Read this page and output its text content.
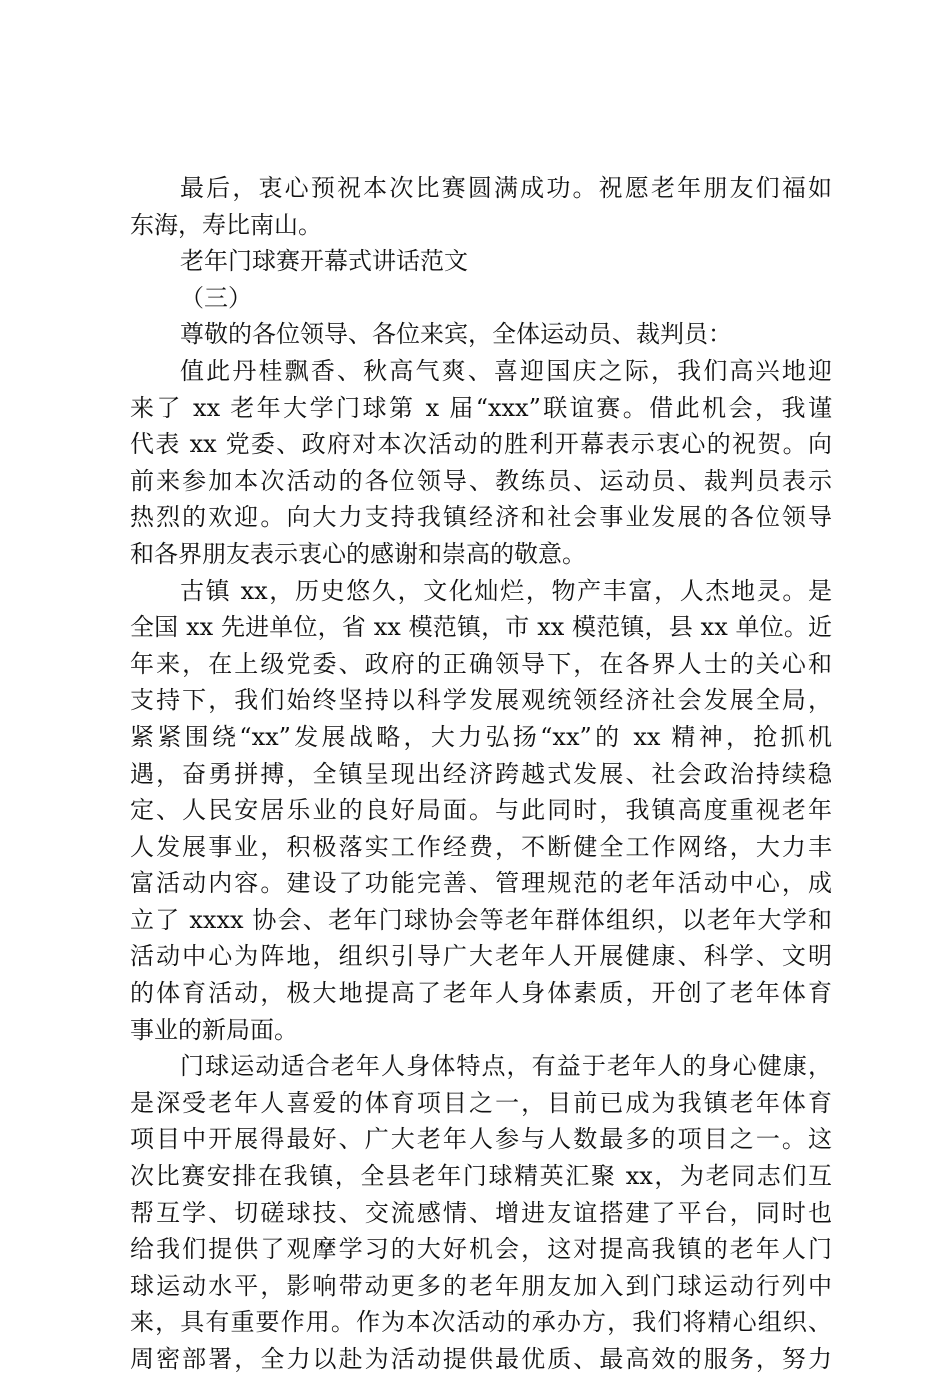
最后，衷心预祝本次比赛圆满成功。祝愿老年朋友们福如
东海，寿比南山。
老年门球赛开幕式讲话范文
（三）
尊敬的各位领导、各位来宾，全体运动员、裁判员：
值此丹桂飘香、秋高气爽、喜迎国庆之际，我们高兴地迎
来了 xx 老年大学门球第 x 届“xxx”联谊赛。借此机会，我谨
代表 xx 党委、政府对本次活动的胜利开幕表示衷心的祝贺。向
前来参加本次活动的各位领导、教练员、运动员、裁判员表示
热烈的欢迎。向大力支持我镇经济和社会事业发展的各位领导
和各界朋友表示衷心的感谢和崇高的敬意。
古镇 xx，历史悠久，文化灿烂，物产丰富，人杰地灵。是
全国 xx 先进单位，省 xx 模范镇，市 xx 模范镇，县 xx 单位。近
年来，在上级党委、政府的正确领导下，在各界人士的关心和
支持下，我们始终坚持以科学发展观统领经济社会发展全局，
紧紧围绕“xx”发展战略，大力弘扬“xx”的 xx 精神，抢抓机
遇，奋勇拼搏，全镇呈现出经济跨越式发展、社会政治持续稳
定、人民安居乐业的良好局面。与此同时，我镇高度重视老年
人发展事业，积极落实工作经费，不断健全工作网络，大力丰
富活动内容。建设了功能完善、管理规范的老年活动中心，成
立了 xxxx 协会、老年门球协会等老年群体组织，以老年大学和
活动中心为阵地，组织引导广大老年人开展健康、科学、文明
的体育活动，极大地提高了老年人身体素质，开创了老年体育
事业的新局面。
门球运动适合老年人身体特点，有益于老年人的身心健康，
是深受老年人喜爱的体育项目之一，目前已成为我镇老年体育
项目中开展得最好、广大老年人参与人数最多的项目之一。这
次比赛安排在我镇，全县老年门球精英汇聚 xx，为老同志们互
帮互学、切磋球技、交流感情、增进友谊搭建了平台，同时也
给我们提供了观摩学习的大好机会，这对提高我镇的老年人门
球运动水平，影响带动更多的老年朋友加入到门球运动行列中
来，具有重要作用。作为本次活动的承办方，我们将精心组织、
周密部署，全力以赴为活动提供最优质、最高效的服务，努力
